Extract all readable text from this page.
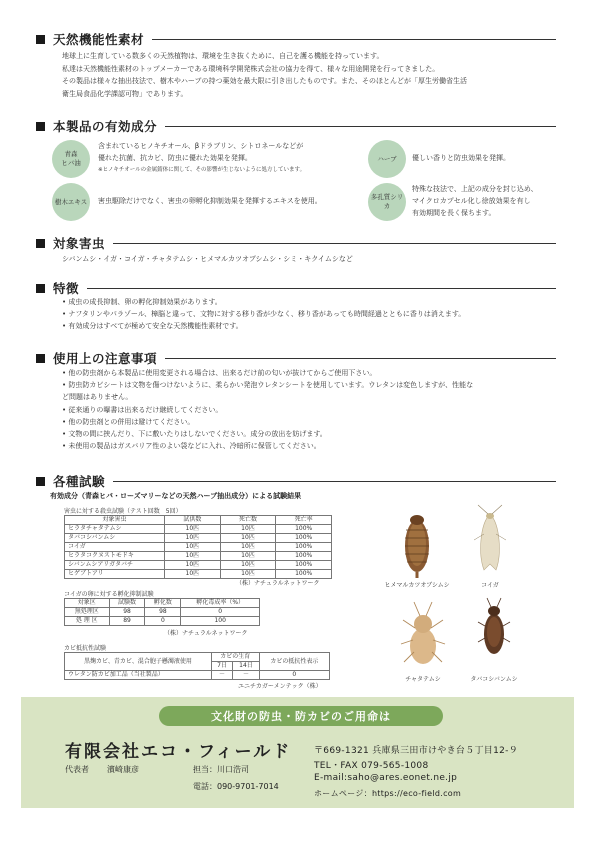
天然機能性素材

地球上に生育している数多くの天然植物は、環境を生き抜くために、自己を護る機能を持っています。

私達は天然機能性素材のトップメーカーである環境科学開発株式会社の協力を得て、様々な用途開発を行ってきました。

その製品は様々な抽出技法で、樹木やハーブの持つ薬効を最大限に引き出したものです。また、そのほとんどが「厚生労働省生活

衛生局食品化学課認可物」であります。

本製品の有効成分
青森
ヒバ油

含まれているヒノキチオール、βドラブリン、シトロネールなどが

優れた抗菌、抗カビ、防虫に優れた効果を発揮。

※ヒノキチオールの金属錆体に関して、その影響が生じないように処方しています。

ハーブ 優しい香りと防虫効果を発揮。

樹木エキス 害虫駆除だけでなく、害虫の卵孵化抑制効果を発揮するエキスを使用。	多孔質シリカ

特殊な技法で、上記の成分を封じ込め、

マイクロカプセル化し徐放効果を有し

有効期間を長く保ちます。

対象害虫

シバンムシ・イガ・コイガ・チャタテムシ・ヒメマルカツオブシムシ・シミ・キクイムシなど

特徴
• 成虫の成長抑制、卵の孵化抑制効果があります。
• ナフタリンやパラゾール、樟脳と違って、文物に対する移り香が少なく、移り香があっても時間経過とともに香りは消えます。
• 有効成分はすべてが極めて安全な天然機能性素材です。
使用上の注意事項
• 他の防虫剤から本製品に使用変更される場合は、出来るだけ前の匂いが抜けてからご使用下さい。
• 防虫防カビシートは文物を傷つけないように、柔らかい発泡ウレタンシートを使用しています。ウレタンは変色しますが、性能な
ど問題はありません。
• 従来通りの曝書は出来るだけ継続してください。
• 他の防虫剤との併用は避けてください。
• 文物の間に挟んだり、下に敷いたりはしないでください。成分の放出を妨げます。
• 未使用の製品はガスバリア性のよい袋などに入れ、冷暗所に保管してください。
各種試験
有効成分（青森ヒバ・ローズマリーなどの天然ハーブ抽出成分）による試験結果
害虫に対する殺虫試験（テスト回数　5回）
対象害虫	試供数	死亡数	死亡率
ヒラタチャタテムシ	10匹	10匹	100%
タバコシバンムシ	10匹	10匹	100%
コイガ	10匹	10匹	100%
ヒラタコクヌストモドキ	10匹	10匹	100%
シバンムシアリガタバチ	10匹	10匹	100%
ヒゲブトアリ	10匹	10匹	100%
（株）ナチュラルネットワーク
コイガの卵に対する孵化抑制試験
対象区	試験数	孵化数	孵化毒成率（%）
無処理区	98	98	0
処 理 区	89	0	100
（株）ナチュラルネットワーク
カビ抵抗性試験
黒麹カビ、青カビ、混合胞子懸濁液使用	カビの生育		カビの抵抗性表示
	7日	14日	
ウレタン防カビ加工品（当社製品）	－	－	0
ユニチカガーメンテック（株）
ヒメマルカツオブシムシ	コイガ
チャタテムシ	タバコシバンムシ
文化財の防虫・防カビのご用命は
有限会社エコ・フィールド
代表者 濱崎康彦	担当：川口浩司
電話：090-9701-7014
〒669-1321 兵庫県三田市けやき台５丁目12-９
TEL・FAX 079-565-1008
E-mail:saho@ares.eonet.ne.jp
ホームページ：https://eco-field.com
